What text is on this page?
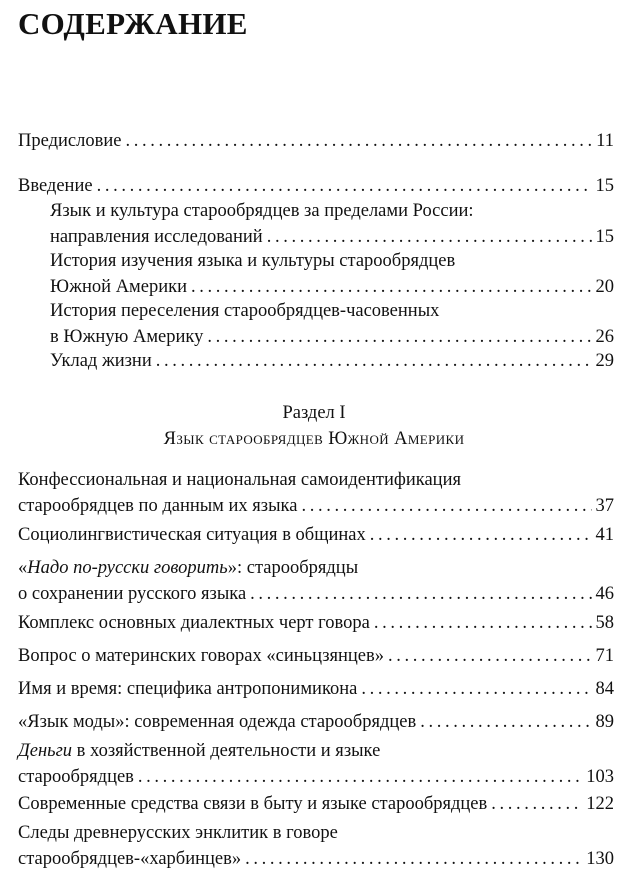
СОДЕРЖАНИЕ
Предисловие . . .	11
Введение . . .	15
Язык и культура старообрядцев за пределами России:
направления исследований . . .	15
История изучения языка и культуры старообрядцев
Южной Америки . . .	20
История переселения старообрядцев-часовенных
в Южную Америку . . .	26
Уклад жизни . . .	29
Раздел I
Язык старообрядцев Южной Америки
Конфессиональная и национальная самоидентификация
старообрядцев по данным их языка . . .	37
Социолингвистическая ситуация в общинах . . .	41
«Надо по-русски говорить»: старообрядцы
о сохранении русского языка . . .	46
Комплекс основных диалектных черт говора . . .	58
Вопрос о материнских говорах «синьцзянцев» . . .	71
Имя и время: специфика антропонимикона . . .	84
«Язык моды»: современная одежда старообрядцев . . .	89
Деньги в хозяйственной деятельности и языке
старообрядцев . . .	103
Современные средства связи в быту и языке старообрядцев . . .	122
Следы древнерусских энклитик в говоре
старообрядцев-«харбинцев» . . .	130
